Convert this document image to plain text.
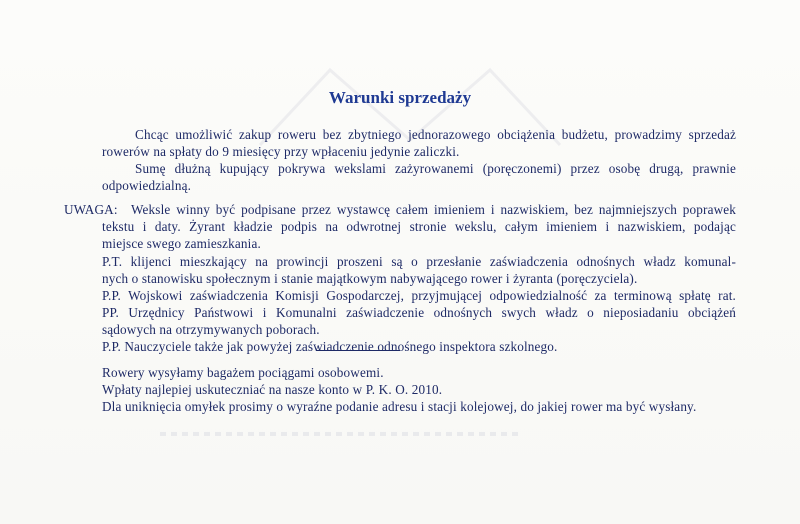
Warunki sprzedaży

Chcąc umożliwić zakup roweru bez zbytniego jednorazowego obciążenia budżetu, prowadzimy sprzedaż

rowerów na spłaty do 9 miesięcy przy wpłaceniu jedynie zaliczki.

Sumę dłużną kupujący pokrywa wekslami zażyrowanemi (poręczonemi) przez osobę drugą, prawnie

odpowiedzialną.

UWAGA: Weksle winny być podpisane przez wystawcę całem imieniem i nazwiskiem, bez najmniejszych poprawek

tekstu i daty. Żyrant kładzie podpis na odwrotnej stronie wekslu, całym imieniem i nazwiskiem, podając

miejsce swego zamieszkania.

P.T. klijenci mieszkający na prowincji proszeni są o przesłanie zaświadczenia odnośnych władz komunal-

nych o stanowisku społecznym i stanie majątkowym nabywającego rower i żyranta (poręczyciela).

P.P. Wojskowi zaświadczenia Komisji Gospodarczej, przyjmującej odpowiedzialność za terminową spłatę rat.

PP. Urzędnicy Państwowi i Komunalni zaświadczenie odnośnych swych władz o nieposiadaniu obciążeń

sądowych na otrzymywanych poborach.

P.P. Nauczyciele także jak powyżej zaświadczenie odnośnego inspektora szkolnego.

Rowery wysyłamy bagażem pociągami osobowemi.

Wpłaty najlepiej uskuteczniać na nasze konto w P. K. O. 2010.

Dla uniknięcia omyłek prosimy o wyraźne podanie adresu i stacji kolejowej, do jakiej rower ma być wysłany.
